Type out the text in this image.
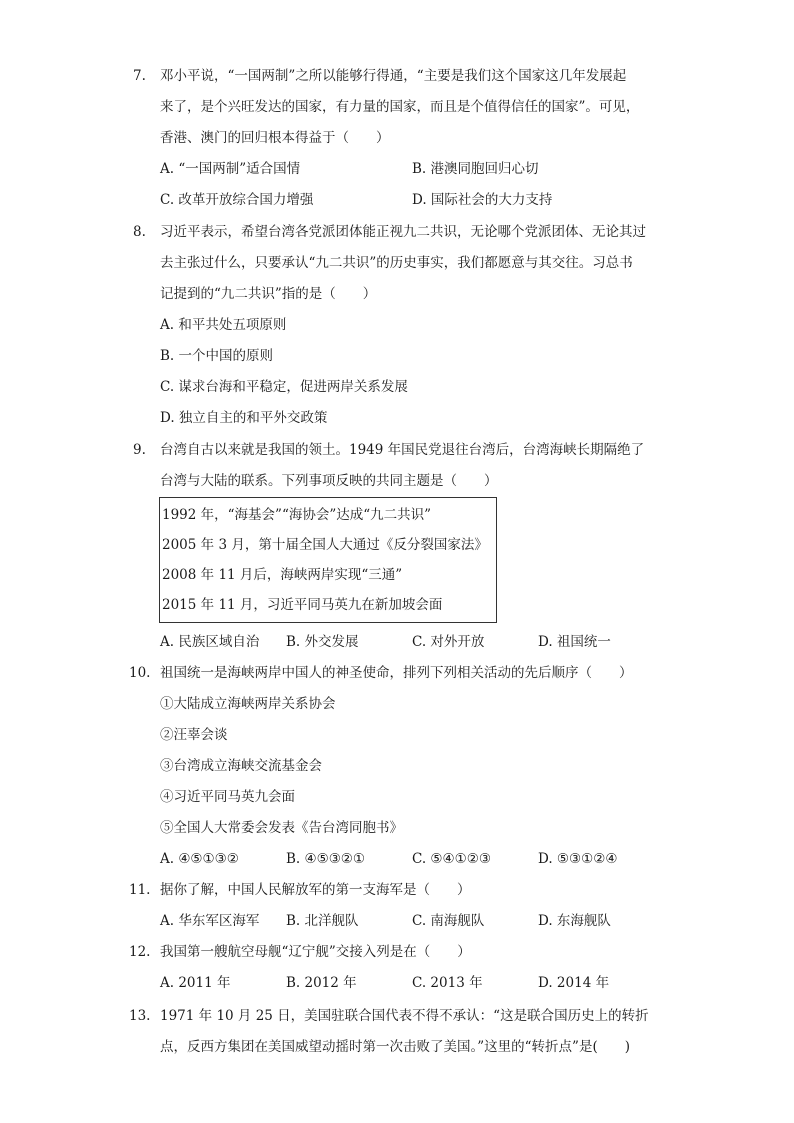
7. 邓小平说，“一国两制”之所以能够行得通，“主要是我们这个国家这几年发展起
来了，是个兴旺发达的国家，有力量的国家，而且是个值得信任的国家”。可见，
香港、澳门的回归根本得益于（　　）
A. “一国两制”适合国情	B. 港澳同胞回归心切
C. 改革开放综合国力增强	D. 国际社会的大力支持
8. 习近平表示，希望台湾各党派团体能正视九二共识，无论哪个党派团体、无论其过
去主张过什么，只要承认“九二共识”的历史事实，我们都愿意与其交往。习总书
记提到的“九二共识”指的是（　　）
A. 和平共处五项原则
B. 一个中国的原则
C. 谋求台海和平稳定，促进两岸关系发展
D. 独立自主的和平外交政策
9. 台湾自古以来就是我国的领土。1949 年国民党退往台湾后，台湾海峡长期隔绝了
台湾与大陆的联系。下列事项反映的共同主题是（　　）
1992 年，“海基会”“海协会”达成“九二共识”
2005 年 3 月，第十届全国人大通过《反分裂国家法》
2008 年 11 月后，海峡两岸实现“三通”
2015 年 11 月，习近平同马英九在新加坡会面
A. 民族区域自治 B. 外交发展	C. 对外开放	D. 祖国统一
10. 祖国统一是海峡两岸中国人的神圣使命，排列下列相关活动的先后顺序（　　）
①大陆成立海峡两岸关系协会
②汪辜会谈
③台湾成立海峡交流基金会
④习近平同马英九会面
⑤全国人大常委会发表《告台湾同胞书》
A. ④⑤①③②	B. ④⑤③②①	C. ⑤④①②③	D. ⑤③①②④
11. 据你了解，中国人民解放军的第一支海军是（　　）
A. 华东军区海军 B. 北洋舰队	C. 南海舰队	D. 东海舰队
12. 我国第一艘航空母舰“辽宁舰”交接入列是在（　　）
A. 2011 年	B. 2012 年	C. 2013 年	D. 2014 年
13. 1971 年 10 月 25 日，美国驻联合国代表不得不承认：“这是联合国历史上的转折
点，反西方集团在美国威望动摇时第一次击败了美国。”这里的“转折点”是(　　)
